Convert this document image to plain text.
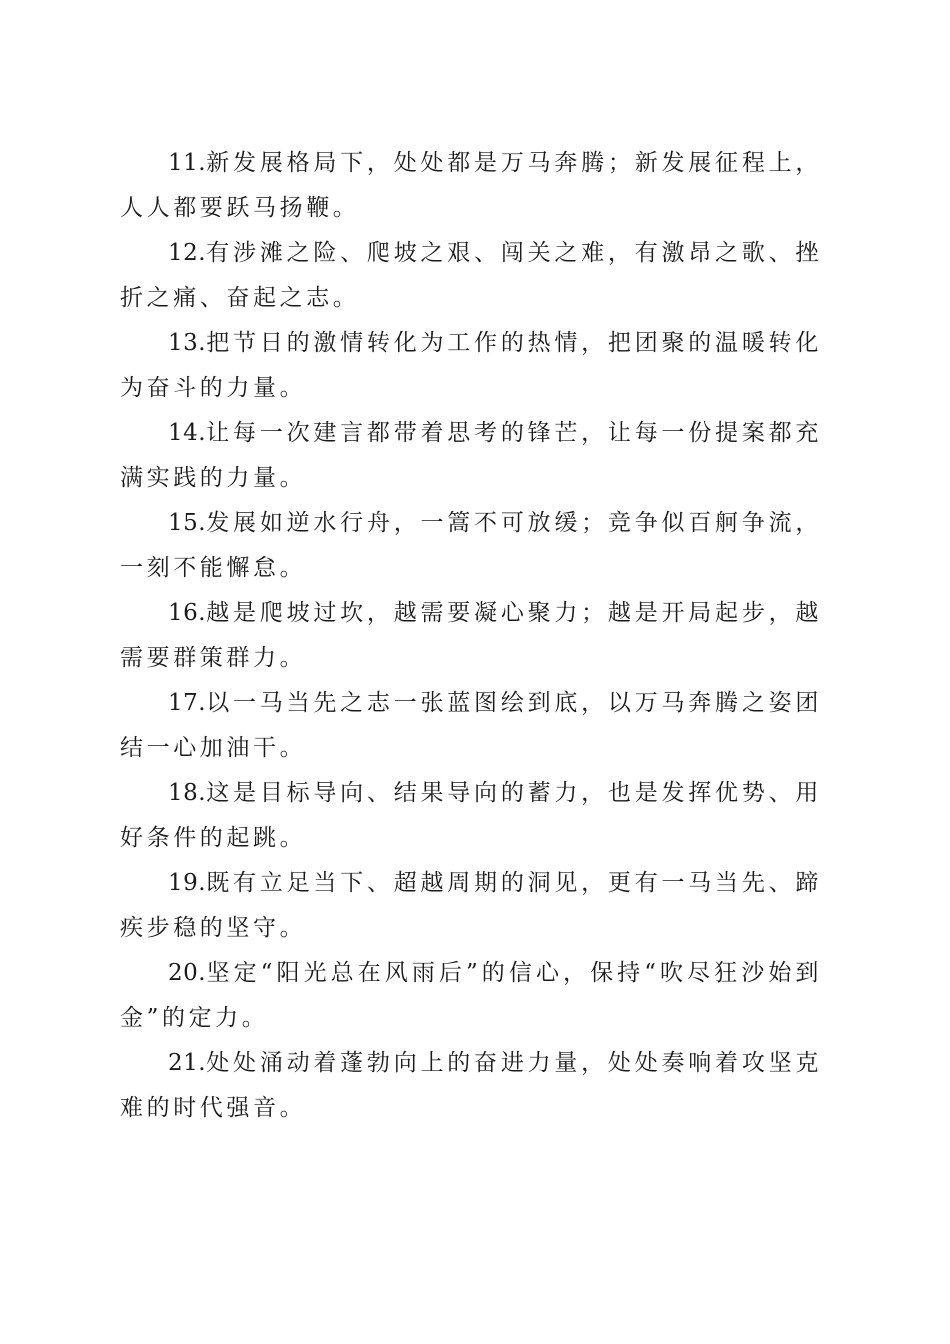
11.新发展格局下，处处都是万马奔腾；新发展征程上，人人都要跃马扬鞭。

12.有涉滩之险、爬坡之艰、闯关之难，有激昂之歌、挫折之痛、奋起之志。

13.把节日的激情转化为工作的热情，把团聚的温暖转化为奋斗的力量。

14.让每一次建言都带着思考的锋芒，让每一份提案都充满实践的力量。

15.发展如逆水行舟，一篙不可放缓；竞争似百舸争流，一刻不能懈怠。

16.越是爬坡过坎，越需要凝心聚力；越是开局起步，越需要群策群力。

17.以一马当先之志一张蓝图绘到底，以万马奔腾之姿团结一心加油干。

18.这是目标导向、结果导向的蓄力，也是发挥优势、用好条件的起跳。

19.既有立足当下、超越周期的洞见，更有一马当先、蹄疾步稳的坚守。

20.坚定“阳光总在风雨后”的信心，保持“吹尽狂沙始到金”的定力。

21.处处涌动着蓬勃向上的奋进力量，处处奏响着攻坚克难的时代强音。
